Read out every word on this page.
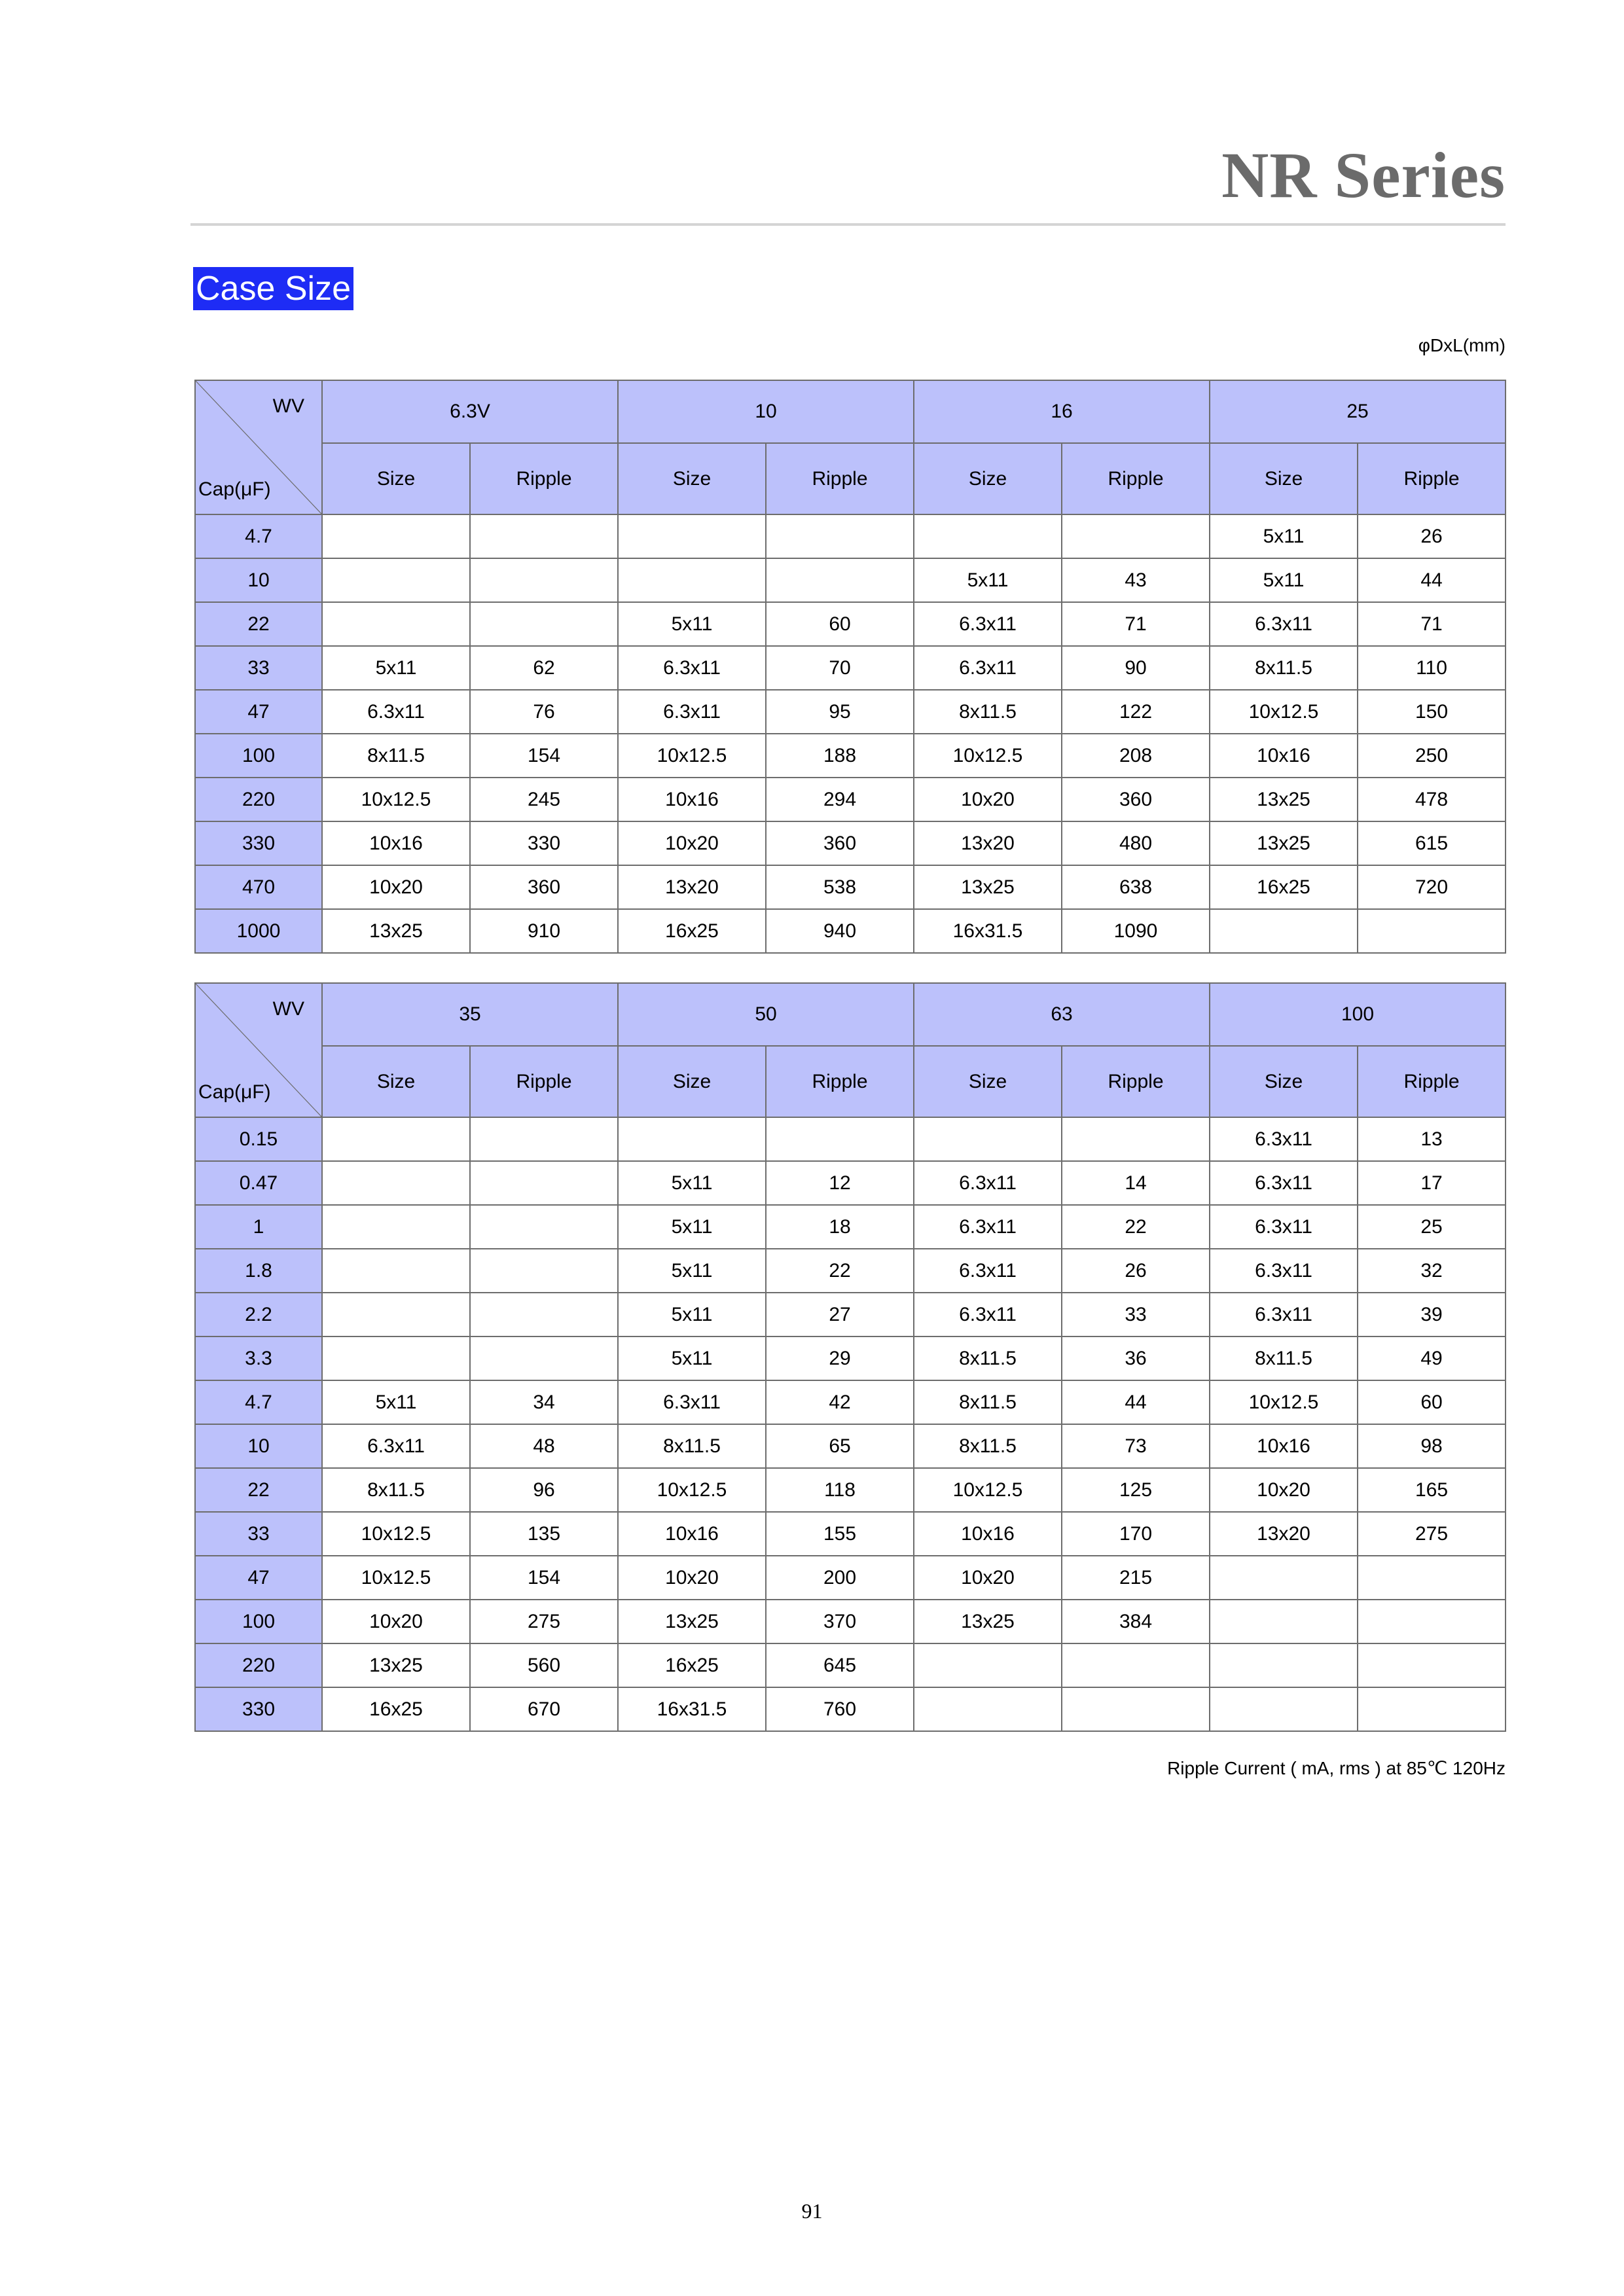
NR Series
Case Size
φDxL(mm)
WV
Cap(μF)	6.3V		10		16		25	
	Size	Ripple	Size	Ripple	Size	Ripple	Size	Ripple
4.7							5x11	26
10					5x11	43	5x11	44
22			5x11	60	6.3x11	71	6.3x11	71
33	5x11	62	6.3x11	70	6.3x11	90	8x11.5	110
47	6.3x11	76	6.3x11	95	8x11.5	122	10x12.5	150
100	8x11.5	154	10x12.5	188	10x12.5	208	10x16	250
220	10x12.5	245	10x16	294	10x20	360	13x25	478
330	10x16	330	10x20	360	13x20	480	13x25	615
470	10x20	360	13x20	538	13x25	638	16x25	720
1000	13x25	910	16x25	940	16x31.5	1090		
WV
Cap(μF)	35		50		63		100	
	Size	Ripple	Size	Ripple	Size	Ripple	Size	Ripple
0.15							6.3x11	13
0.47			5x11	12	6.3x11	14	6.3x11	17
1			5x11	18	6.3x11	22	6.3x11	25
1.8			5x11	22	6.3x11	26	6.3x11	32
2.2			5x11	27	6.3x11	33	6.3x11	39
3.3			5x11	29	8x11.5	36	8x11.5	49
4.7	5x11	34	6.3x11	42	8x11.5	44	10x12.5	60
10	6.3x11	48	8x11.5	65	8x11.5	73	10x16	98
22	8x11.5	96	10x12.5	118	10x12.5	125	10x20	165
33	10x12.5	135	10x16	155	10x16	170	13x20	275
47	10x12.5	154	10x20	200	10x20	215		
100	10x20	275	13x25	370	13x25	384		
220	13x25	560	16x25	645				
330	16x25	670	16x31.5	760				
Ripple Current ( mA, rms ) at 85℃ 120Hz
91
